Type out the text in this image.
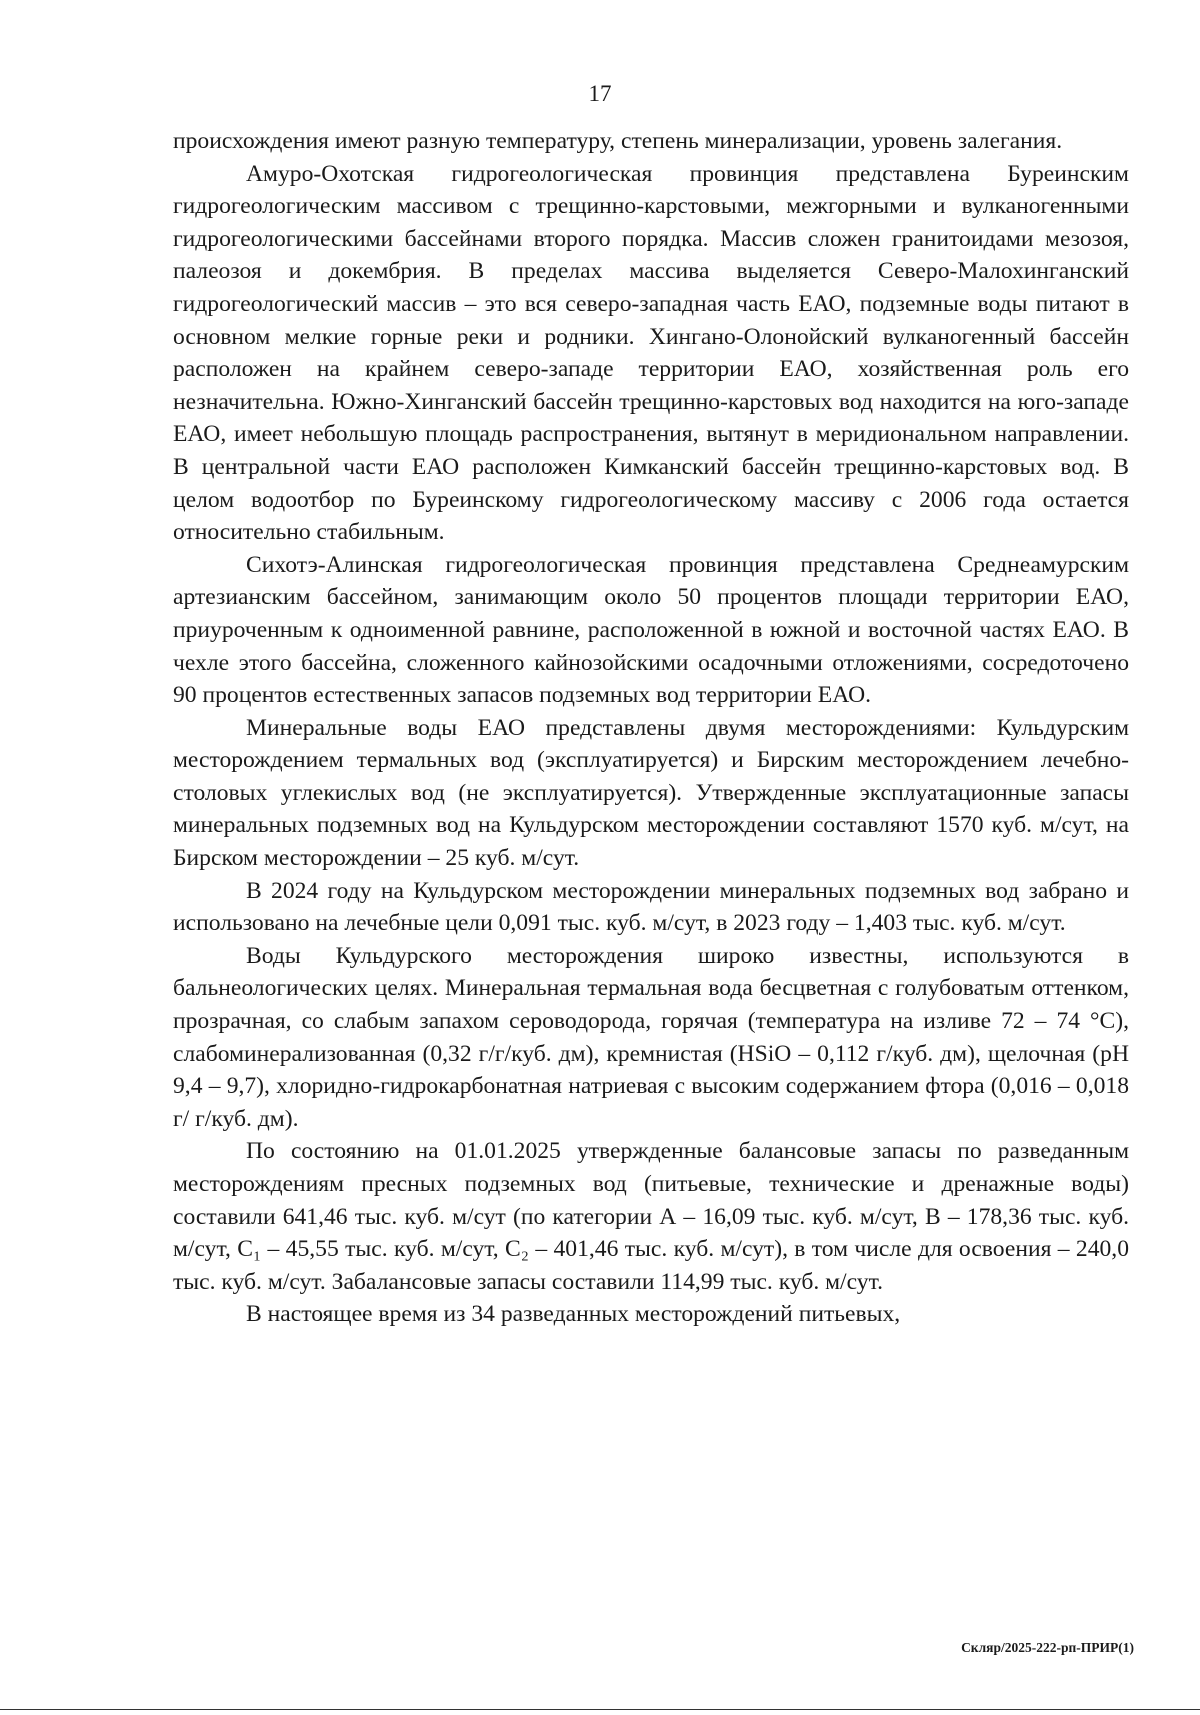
17

происхождения имеют разную температуру, степень минерализации, уровень залегания.

Амуро-Охотская гидрогеологическая провинция представлена Буреинским гидрогеологическим массивом с трещинно-карстовыми, межгорными и вулканогенными гидрогеологическими бассейнами второго порядка. Массив сложен гранитоидами мезозоя, палеозоя и докембрия. В пределах массива выделяется Северо-Малохинганский гидрогеологический массив – это вся северо-западная часть ЕАО, подземные воды питают в основном мелкие горные реки и родники. Хингано-Олонойский вулканогенный бассейн расположен на крайнем северо-западе территории ЕАО, хозяйственная роль его незначительна. Южно-Хинганский бассейн трещинно-карстовых вод находится на юго-западе ЕАО, имеет небольшую площадь распространения, вытянут в меридиональном направлении. В центральной части ЕАО расположен Кимканский бассейн трещинно-карстовых вод. В целом водоотбор по Буреинскому гидрогеологическому массиву с 2006 года остается относительно стабильным.

Сихотэ-Алинская гидрогеологическая провинция представлена Среднеамурским артезианским бассейном, занимающим около 50 процентов площади территории ЕАО, приуроченным к одноименной равнине, расположенной в южной и восточной частях ЕАО. В чехле этого бассейна, сложенного кайнозойскими осадочными отложениями, сосредоточено 90 процентов естественных запасов подземных вод территории ЕАО.

Минеральные воды ЕАО представлены двумя месторождениями: Кульдурским месторождением термальных вод (эксплуатируется) и Бирским месторождением лечебно-столовых углекислых вод (не эксплуатируется). Утвержденные эксплуатационные запасы минеральных подземных вод на Кульдурском месторождении составляют 1570 куб. м/сут, на Бирском месторождении – 25 куб. м/сут.

В 2024 году на Кульдурском месторождении минеральных подземных вод забрано и использовано на лечебные цели 0,091 тыс. куб. м/сут, в 2023 году – 1,403 тыс. куб. м/сут.

Воды Кульдурского месторождения широко известны, используются в бальнеологических целях. Минеральная термальная вода бесцветная с голубоватым оттенком, прозрачная, со слабым запахом сероводорода, горячая (температура на изливе 72 – 74 °С), слабоминерализованная (0,32 г/г/куб. дм), кремнистая (HSiO – 0,112 г/куб. дм), щелочная (pH 9,4 – 9,7), хлоридно-гидрокарбонатная натриевая с высоким содержанием фтора (0,016 – 0,018 г/ г/куб. дм).

По состоянию на 01.01.2025 утвержденные балансовые запасы по разведанным месторождениям пресных подземных вод (питьевые, технические и дренажные воды) составили 641,46 тыс. куб. м/сут (по категории А – 16,09 тыс. куб. м/сут, В – 178,36 тыс. куб. м/сут, C₁ – 45,55 тыс. куб. м/сут, C₂ – 401,46 тыс. куб. м/сут), в том числе для освоения – 240,0 тыс. куб. м/сут. Забалансовые запасы составили 114,99 тыс. куб. м/сут.

В настоящее время из 34 разведанных месторождений питьевых,

Скляр/2025-222-рп-ПРИР(1)
